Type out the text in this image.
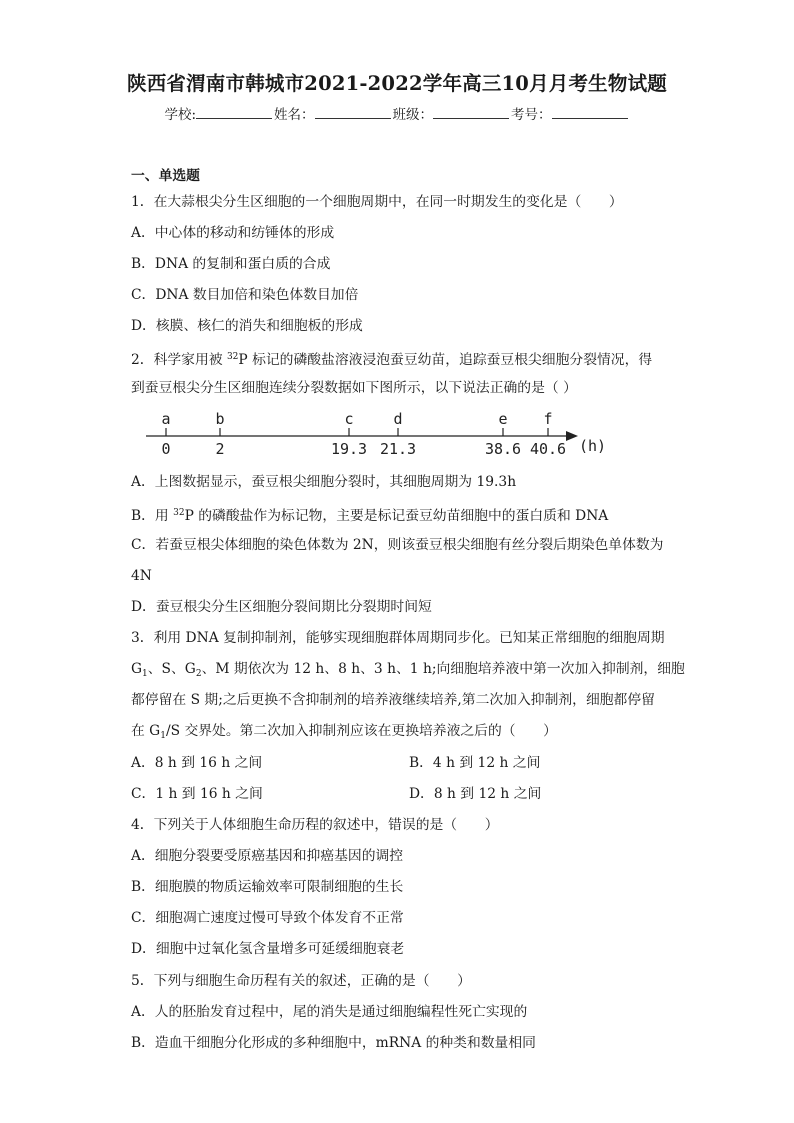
陕西省渭南市韩城市2021-2022学年高三10月月考生物试题
学校:	姓名：	班级：	考号：
一、单选题
1．在大蒜根尖分生区细胞的一个细胞周期中，在同一时期发生的变化是（　　）
A．中心体的移动和纺锤体的形成
B．DNA 的复制和蛋白质的合成
C．DNA 数目加倍和染色体数目加倍
D．核膜、核仁的消失和细胞板的形成
2．科学家用被 $^{32}$P 标记的磷酸盐溶液浸泡蚕豆幼苗，追踪蚕豆根尖细胞分裂情况，得
到蚕豆根尖分生区细胞连续分裂数据如下图所示，以下说法正确的是（ ）
a
0
b
2
c
19.3
d
21.3
e
38.6
f
40.6 (h)
A．上图数据显示，蚕豆根尖细胞分裂时，其细胞周期为 19.3h
B．用 $^{32}$P 的磷酸盐作为标记物，主要是标记蚕豆幼苗细胞中的蛋白质和 DNA
C．若蚕豆根尖体细胞的染色体数为 2N，则该蚕豆根尖细胞有丝分裂后期染色单体数为
4N
D．蚕豆根尖分生区细胞分裂间期比分裂期时间短
3．利用 DNA 复制抑制剂，能够实现细胞群体周期同步化。已知某正常细胞的细胞周期
$G_1$、S、$G_2$、M 期依次为 12 h、8 h、3 h、1 h;向细胞培养液中第一次加入抑制剂，细胞
都停留在 S 期;之后更换不含抑制剂的培养液继续培养,第二次加入抑制剂，细胞都停留
在 $G_1/S$ 交界处。第二次加入抑制剂应该在更换培养液之后的（　　）
A．8 h 到 16 h 之间	B．4 h 到 12 h 之间
C．1 h 到 16 h 之间	D．8 h 到 12 h 之间
4．下列关于人体细胞生命历程的叙述中，错误的是（　　）
A．细胞分裂要受原癌基因和抑癌基因的调控
B．细胞膜的物质运输效率可限制细胞的生长
C．细胞凋亡速度过慢可导致个体发育不正常
D．细胞中过氧化氢含量增多可延缓细胞衰老
5．下列与细胞生命历程有关的叙述，正确的是（　　）
A．人的胚胎发育过程中，尾的消失是通过细胞编程性死亡实现的
B．造血干细胞分化形成的多种细胞中，mRNA 的种类和数量相同
